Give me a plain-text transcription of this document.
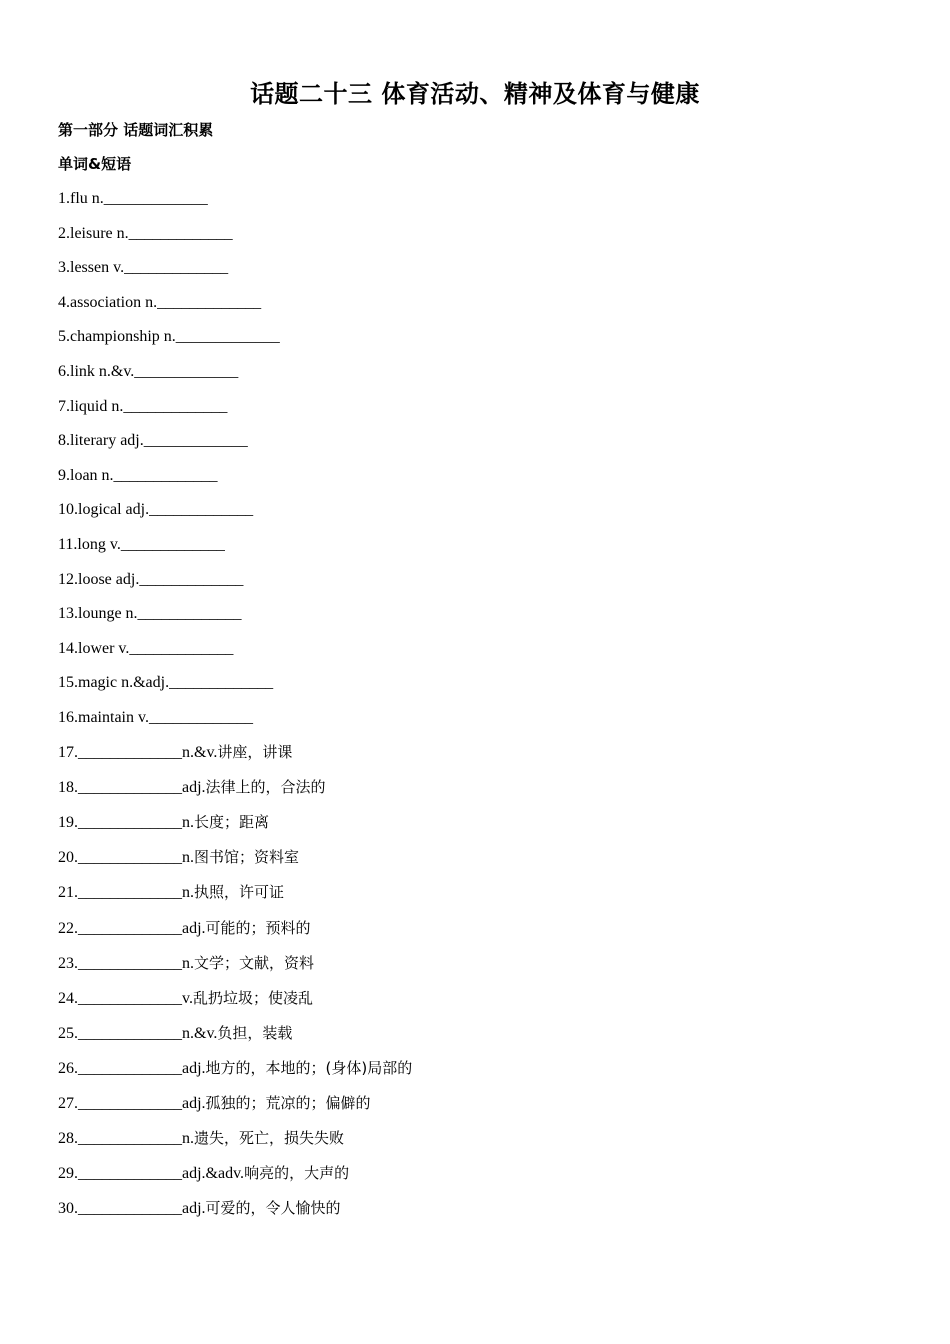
话题二十三 体育活动、精神及体育与健康
第一部分 话题词汇积累
单词&短语
1.flu n._____________
2.leisure n._____________
3.lessen v._____________
4.association n._____________
5.championship n._____________
6.link n.&v._____________
7.liquid n._____________
8.literary adj._____________
9.loan n._____________
10.logical adj._____________
11.long v._____________
12.loose adj._____________
13.lounge n._____________
14.lower v._____________
15.magic n.&adj._____________
16.maintain v._____________
17._____________n.&v.讲座，讲课
18._____________adj.法律上的，合法的
19._____________n.长度；距离
20._____________n.图书馆；资料室
21._____________n.执照，许可证
22._____________adj.可能的；预料的
23._____________n.文学；文献，资料
24._____________v.乱扔垃圾；使凌乱
25._____________n.&v.负担，装载
26._____________adj.地方的，本地的；(身体)局部的
27._____________adj.孤独的；荒凉的；偏僻的
28._____________n.遗失，死亡，损失失败
29._____________adj.&adv.响亮的，大声的
30._____________adj.可爱的，令人愉快的
